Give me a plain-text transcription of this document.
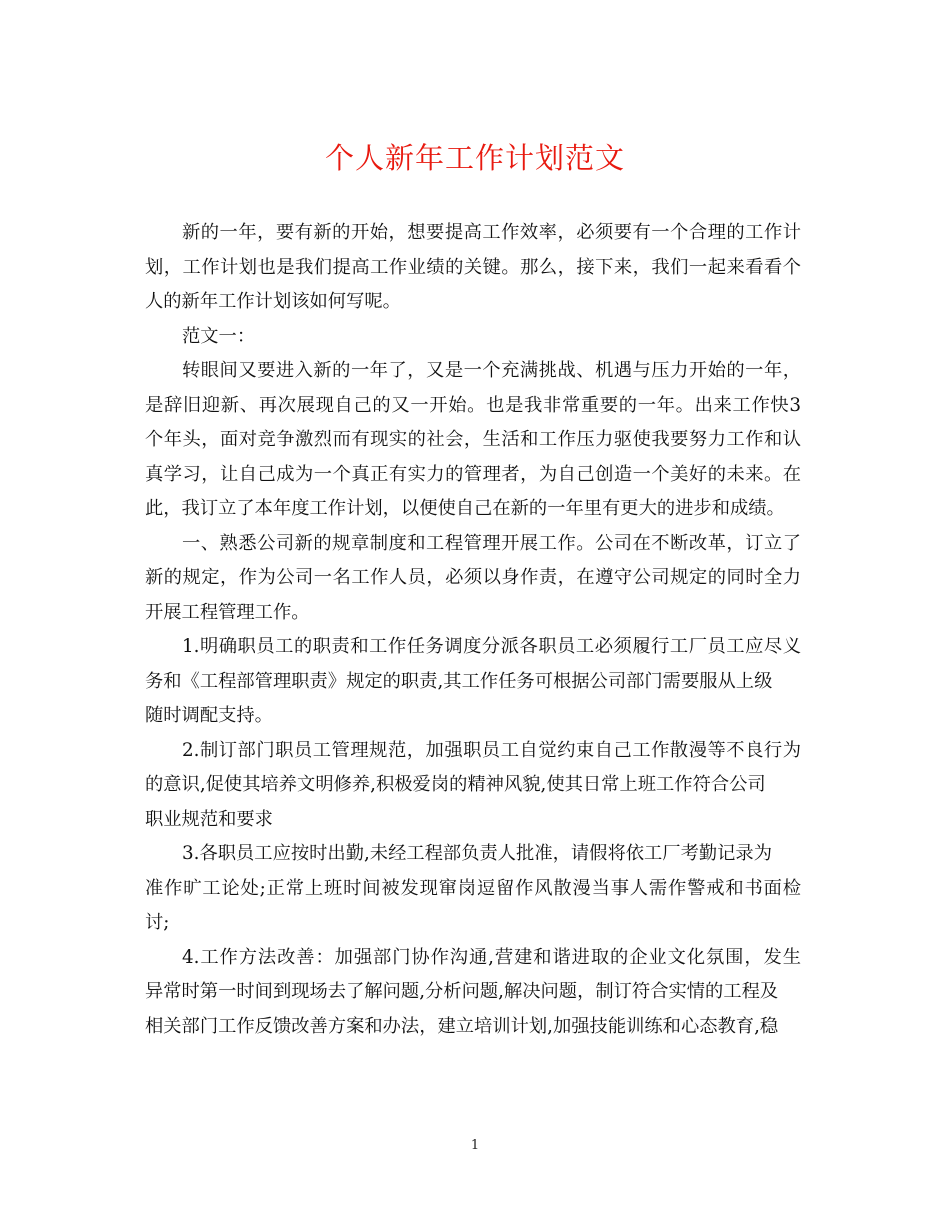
个人新年工作计划范文

新的一年，要有新的开始，想要提高工作效率，必须要有一个合理的工作计
划，工作计划也是我们提高工作业绩的关键。那么，接下来，我们一起来看看个
人的新年工作计划该如何写呢。

范文一：

转眼间又要进入新的一年了，又是一个充满挑战、机遇与压力开始的一年，
是辞旧迎新、再次展现自己的又一开始。也是我非常重要的一年。出来工作快3
个年头，面对竞争激烈而有现实的社会，生活和工作压力驱使我要努力工作和认
真学习，让自己成为一个真正有实力的管理者，为自己创造一个美好的未来。在
此，我订立了本年度工作计划，以便使自己在新的一年里有更大的进步和成绩。

一、熟悉公司新的规章制度和工程管理开展工作。公司在不断改革，订立了
新的规定，作为公司一名工作人员，必须以身作责，在遵守公司规定的同时全力
开展工程管理工作。

1.明确职员工的职责和工作任务调度分派各职员工必须履行工厂员工应尽义
务和《工程部管理职责》规定的职责,其工作任务可根据公司部门需要服从上级
随时调配支持。

2.制订部门职员工管理规范，加强职员工自觉约束自己工作散漫等不良行为
的意识,促使其培养文明修养,积极爱岗的精神风貌,使其日常上班工作符合公司
职业规范和要求

3.各职员工应按时出勤,未经工程部负责人批准，请假将依工厂考勤记录为
准作旷工论处;正常上班时间被发现窜岗逗留作风散漫当事人需作警戒和书面检
讨;

4.工作方法改善：加强部门协作沟通,营建和谐进取的企业文化氛围，发生
异常时第一时间到现场去了解问题,分析问题,解决问题，制订符合实情的工程及
相关部门工作反馈改善方案和办法，建立培训计划,加强技能训练和心态教育,稳

1
